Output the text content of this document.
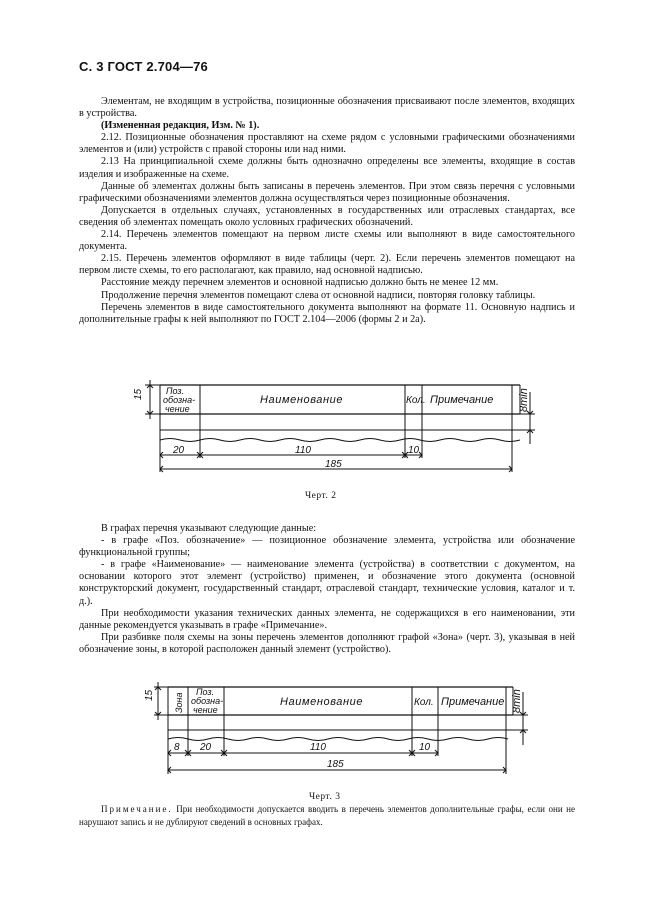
С. 3 ГОСТ 2.704—76

Элементам, не входящим в устройства, позиционные обозначения присваивают после элементов, входящих в устройства.

(Измененная редакция, Изм. № 1).

2.12. Позиционные обозначения проставляют на схеме рядом с условными графическими обозначениями элементов и (или) устройств с правой стороны или над ними.

2.13 На принципиальной схеме должны быть однозначно определены все элементы, входящие в состав изделия и изображенные на схеме.

Данные об элементах должны быть записаны в перечень элементов. При этом связь перечня с условными графическими обозначениями элементов должна осуществляться через позиционные обозначения.

Допускается в отдельных случаях, установленных в государственных или отраслевых стандартах, все сведения об элементах помещать около условных графических обозначений.

2.14. Перечень элементов помещают на первом листе схемы или выполняют в виде самостоятельного документа.

2.15. Перечень элементов оформляют в виде таблицы (черт. 2). Если перечень элементов помещают на первом листе схемы, то его располагают, как правило, над основной надписью.

Расстояние между перечнем элементов и основной надписью должно быть не менее 12 мм.

Продолжение перечня элементов помещают слева от основной надписи, повторяя головку таблицы.

Перечень элементов в виде самостоятельного документа выполняют на формате 11. Основную надпись и дополнительные графы к ней выполняют по ГОСТ 2.104—2006 (формы 2 и 2а).

15 Поз.
обозна-
чение
Наименование	Кол. Примечание 8min
20	110	10
185
Черт. 2

В графах перечня указывают следующие данные:

- в графе «Поз. обозначение» — позиционное обозначение элемента, устройства или обозначение функциональной группы;

- в графе «Наименование» — наименование элемента (устройства) в соответствии с документом, на основании которого этот элемент (устройство) применен, и обозначение этого документа (основной конструкторский документ, государственный стандарт, отраслевой стандарт, технические условия, каталог и т. д.).

При необходимости указания технических данных элемента, не содержащихся в его наименовании, эти данные рекомендуется указывать в графе «Примечание».

При разбивке поля схемы на зоны перечень элементов дополняют графой «Зона» (черт. 3), указывая в ней обозначение зоны, в которой расположен данный элемент (устройство).

15 Зона
Поз.
обозна-
чение
Наименование	Кол. Примечание 8min
8 20	110	10
185
Черт. 3
Примечание. При необходимости допускается вводить в перечень элементов дополнительные графы, если они не нарушают запись и не дублируют сведений в основных графах.
